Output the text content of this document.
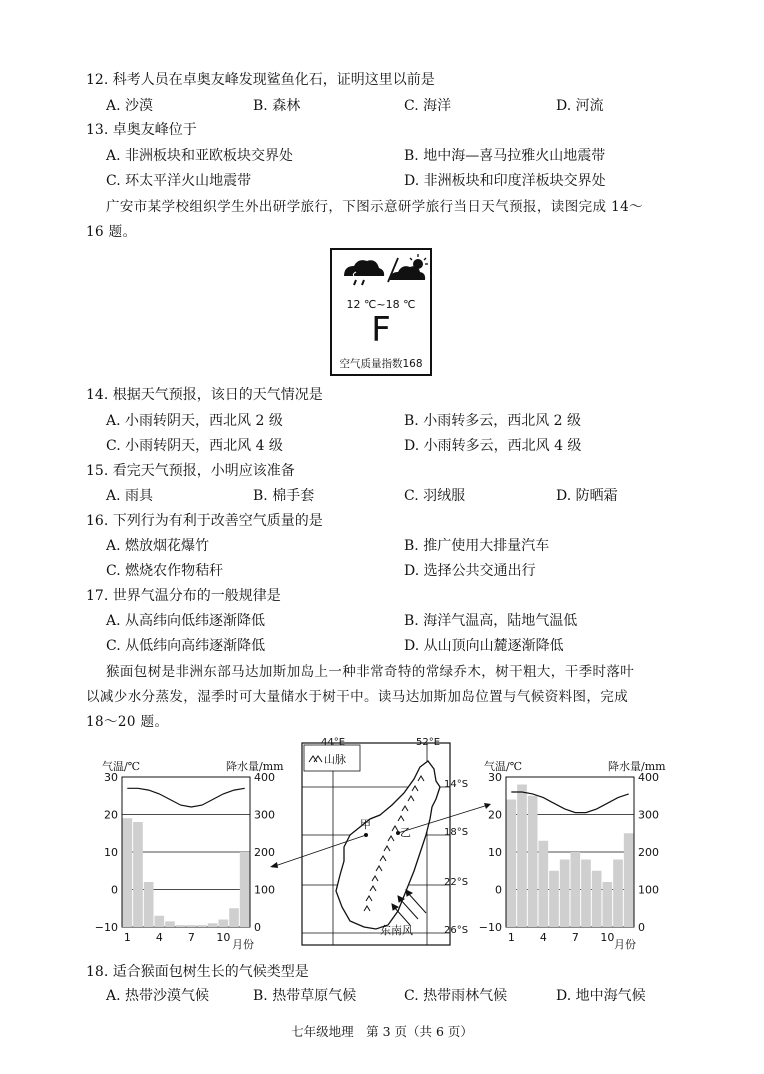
12. 科考人员在卓奥友峰发现鲨鱼化石，证明这里以前是
A. 沙漠	B. 森林	C. 海洋	D. 河流
13. 卓奥友峰位于
A. 非洲板块和亚欧板块交界处	B. 地中海—喜马拉雅火山地震带
C. 环太平洋火山地震带	D. 非洲板块和印度洋板块交界处
广安市某学校组织学生外出研学旅行，下图示意研学旅行当日天气预报，读图完成 14～
16 题。
12 ℃~18 ℃
F
空气质量指数168
14. 根据天气预报，该日的天气情况是
A. 小雨转阴天，西北风 2 级	B. 小雨转多云，西北风 2 级
C. 小雨转阴天，西北风 4 级	D. 小雨转多云，西北风 4 级
15. 看完天气预报，小明应该准备
A. 雨具	B. 棉手套	C. 羽绒服	D. 防晒霜
16. 下列行为有利于改善空气质量的是
A. 燃放烟花爆竹	B. 推广使用大排量汽车
C. 燃烧农作物秸秆	D. 选择公共交通出行
17. 世界气温分布的一般规律是
A. 从高纬向低纬逐渐降低	B. 海洋气温高，陆地气温低
C. 从低纬向高纬逐渐降低	D. 从山顶向山麓逐渐降低
猴面包树是非洲东部马达加斯加岛上一种非常奇特的常绿乔木，树干粗大，干季时落叶
以减少水分蒸发，湿季时可大量储水于树干中。读马达加斯加岛位置与气候资料图，完成
18～20 题。
30
20
10
0
−10
400
300
200
100
0
1 4 7 10
30
20
10
0
−10
400
300
200
100
0
1 4 7 10
44°E	52°E
14°S
18°S
22°S
26°S
山脉
甲
乙
东南风
气温/℃	降水量/mm	气温/℃	降水量/mm
月份	月份
18. 适合猴面包树生长的气候类型是
A. 热带沙漠气候	B. 热带草原气候	C. 热带雨林气候	D. 地中海气候
七年级地理　第 3 页（共 6 页）
